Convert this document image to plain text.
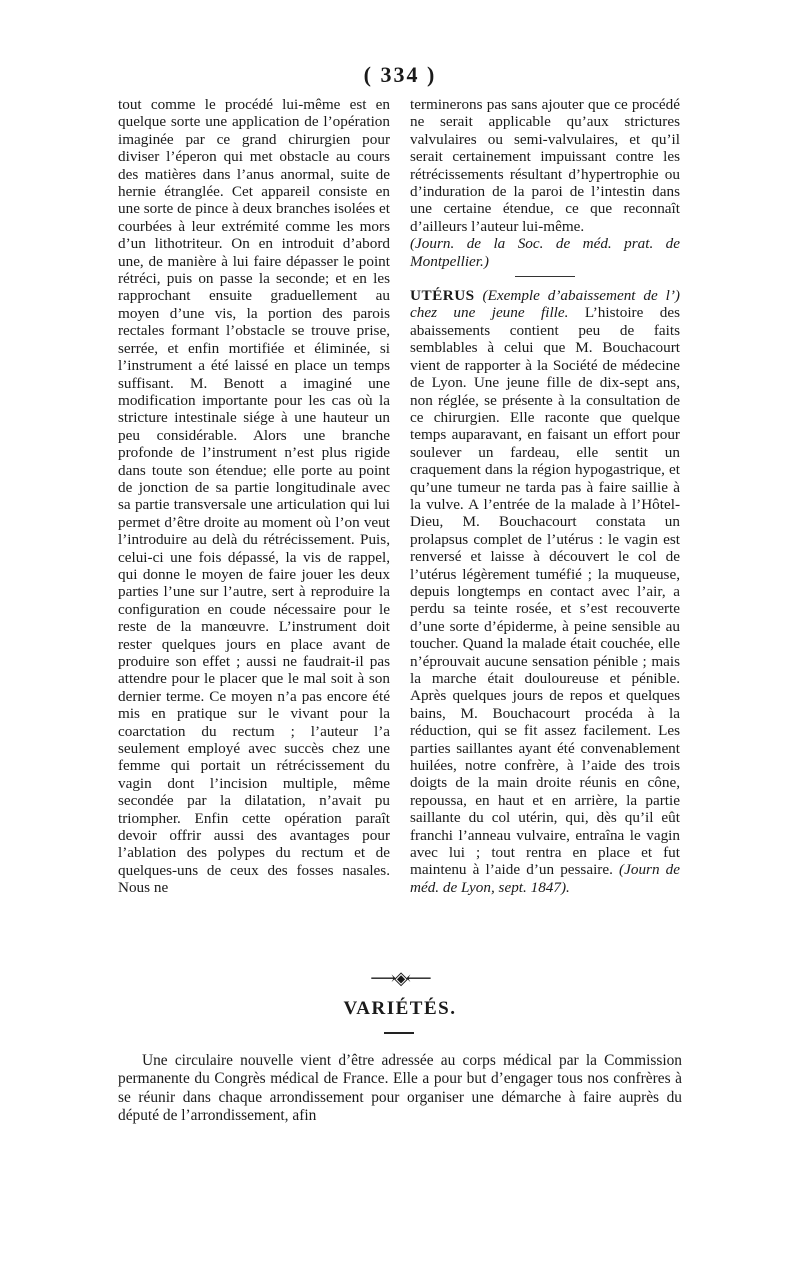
( 334 )

tout comme le procédé lui-même est en quelque sorte une application de l’opération imaginée par ce grand chirurgien pour diviser l’éperon qui met obstacle au cours des matières dans l’anus anormal, suite de hernie étranglée. Cet appareil consiste en une sorte de pince à deux branches isolées et courbées à leur extrémité comme les mors d’un lithotriteur. On en introduit d’abord une, de manière à lui faire dépasser le point rétréci, puis on passe la seconde; et en les rapprochant ensuite graduellement au moyen d’une vis, la portion des parois rectales formant l’obstacle se trouve prise, serrée, et enfin mortifiée et éliminée, si l’instrument a été laissé en place un temps suffisant. M. Benott a imaginé une modification importante pour les cas où la stricture intestinale siége à une hauteur un peu considérable. Alors une branche profonde de l’instrument n’est plus rigide dans toute son étendue; elle porte au point de jonction de sa partie longitudinale avec sa partie transversale une articulation qui lui permet d’être droite au moment où l’on veut l’introduire au delà du rétrécissement. Puis, celui-ci une fois dépassé, la vis de rappel, qui donne le moyen de faire jouer les deux parties l’une sur l’autre, sert à reproduire la configuration en coude nécessaire pour le reste de la manœuvre. L’instrument doit rester quelques jours en place avant de produire son effet ; aussi ne faudrait-il pas attendre pour le placer que le mal soit à son dernier terme. Ce moyen n’a pas encore été mis en pratique sur le vivant pour la coarctation du rectum ; l’auteur l’a seulement employé avec succès chez une femme qui portait un rétrécissement du vagin dont l’incision multiple, même secondée par la dilatation, n’avait pu triompher. Enfin cette opération paraît devoir offrir aussi des avantages pour l’ablation des polypes du rectum et de quelques-uns de ceux des fosses nasales. Nous ne

terminerons pas sans ajouter que ce procédé ne serait applicable qu’aux strictures valvulaires ou semi-valvulaires, et qu’il serait certainement impuissant contre les rétrécissements résultant d’hypertrophie ou d’induration de la paroi de l’intestin dans une certaine étendue, ce que reconnaît d’ailleurs l’auteur lui-même.

(Journ. de la Soc. de méd. prat. de Montpellier.)

UTÉRUS (Exemple d’abaissement de l’) chez une jeune fille. L’histoire des abaissements contient peu de faits semblables à celui que M. Bouchacourt vient de rapporter à la Société de médecine de Lyon. Une jeune fille de dix-sept ans, non réglée, se présente à la consultation de ce chirurgien. Elle raconte que quelque temps auparavant, en faisant un effort pour soulever un fardeau, elle sentit un craquement dans la région hypogastrique, et qu’une tumeur ne tarda pas à faire saillie à la vulve. A l’entrée de la malade à l’Hôtel-Dieu, M. Bouchacourt constata un prolapsus complet de l’utérus : le vagin est renversé et laisse à découvert le col de l’utérus légèrement tuméfié ; la muqueuse, depuis longtemps en contact avec l’air, a perdu sa teinte rosée, et s’est recouverte d’une sorte d’épiderme, à peine sensible au toucher. Quand la malade était couchée, elle n’éprouvait aucune sensation pénible ; mais la marche était douloureuse et pénible. Après quelques jours de repos et quelques bains, M. Bouchacourt procéda à la réduction, qui se fit assez facilement. Les parties saillantes ayant été convenablement huilées, notre confrère, à l’aide des trois doigts de la main droite réunis en cône, repoussa, en haut et en arrière, la partie saillante du col utérin, qui, dès qu’il eût franchi l’anneau vulvaire, entraîna le vagin avec lui ; tout rentra en place et fut maintenu à l’aide d’un pessaire. (Journ de méd. de Lyon, sept. 1847).

⟶◈⟵
VARIÉTÉS.

Une circulaire nouvelle vient d’être adressée au corps médical par la Commission permanente du Congrès médical de France. Elle a pour but d’engager tous nos confrères à se réunir dans chaque arrondissement pour organiser une démarche à faire auprès du député de l’arrondissement, afin
